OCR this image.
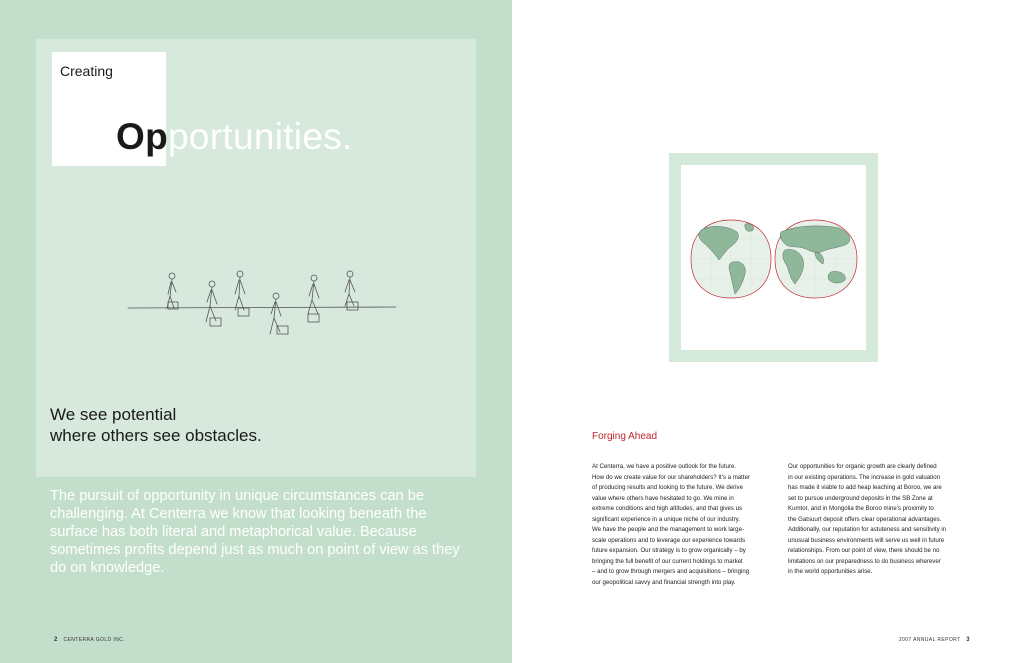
Creating
Opportunities.
We see potential
where others see obstacles.
The pursuit of opportunity in unique circumstances can be challenging. At Centerra we know that looking beneath the surface has both literal and metaphorical value. Because sometimes profits depend just as much on point of view as they do on knowledge.
2 CENTERRA GOLD INC.
Forging Ahead
At Centerra, we have a positive outlook for the future.
How do we create value for our shareholders? It's a matter
of producing results and looking to the future. We derive
value where others have hesitated to go. We mine in
extreme conditions and high altitudes, and that gives us
significant experience in a unique niche of our industry.
We have the people and the management to work large-
scale operations and to leverage our experience towards
future expansion. Our strategy is to grow organically – by
bringing the full benefit of our current holdings to market
– and to grow through mergers and acquisitions – bringing
our geopolitical savvy and financial strength into play.
Our opportunities for organic growth are clearly defined
in our existing operations. The increase in gold valuation
has made it viable to add heap leaching at Boroo, we are
set to pursue underground deposits in the SB Zone at
Kumtor, and in Mongolia the Boroo mine's proximity to
the Gatsuurt deposit offers clear operational advantages.
Additionally, our reputation for astuteness and sensitivity in
unusual business environments will serve us well in future
relationships. From our point of view, there should be no
limitations on our preparedness to do business wherever
in the world opportunities arise.
2007 ANNUAL REPORT 3
